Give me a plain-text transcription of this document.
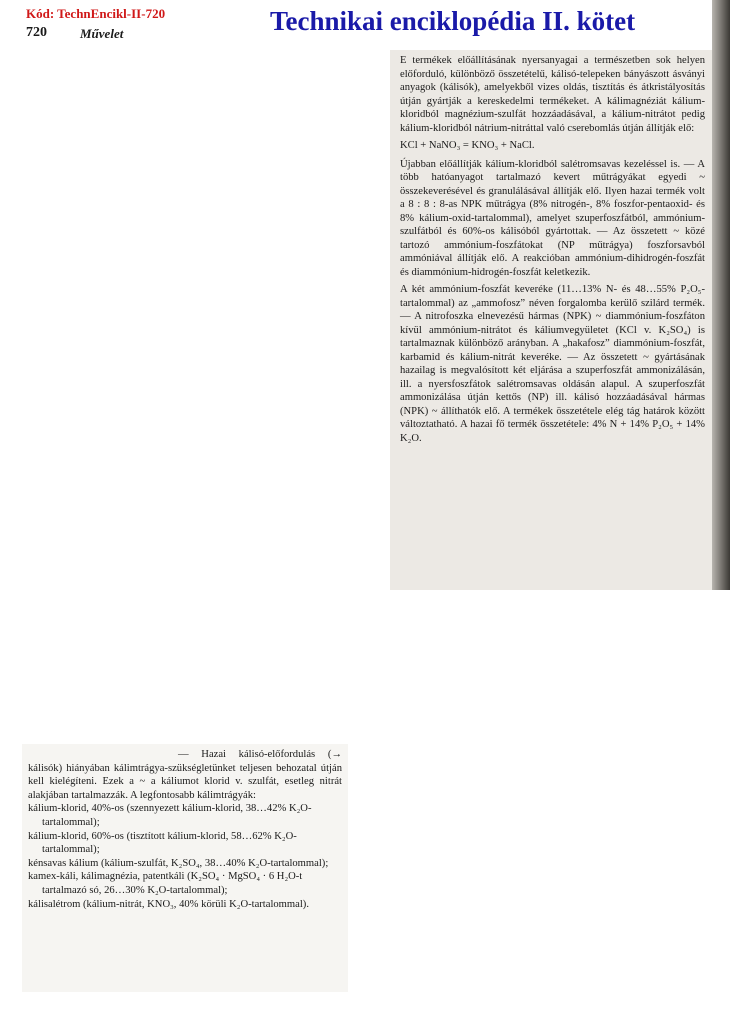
Kód: TechnEncikl-II-720
720	Művelet	Technikai enciklopédia II. kötet

E termékek előállításának nyersanyagai a természetben sok helyen előforduló, különböző összetételű, kálisó-telepeken bányászott ásványi anyagok (kálisók), amelyekből vizes oldás, tisztítás és átkristályosítás útján gyártják a kereskedelmi termékeket. A kálimagnéziát kálium-kloridból magnézium-szulfát hozzáadásával, a kálium-nitrátot pedig kálium-kloridból nátrium-nitráttal való cserebomlás útján állítják elő:

KCl + NaNO₃ = KNO₃ + NaCl.

Újabban előállítják kálium-kloridból salétromsavas kezeléssel is. — A több hatóanyagot tartalmazó kevert műtrágyákat egyedi ~ összekeverésével és granulálásával állítják elő. Ilyen hazai termék volt a 8 : 8 : 8-as NPK műtrágya (8% nitrogén-, 8% foszfor-pentaoxid- és 8% kálium-oxid-tartalommal), amelyet szuperfoszfátból, ammónium-szulfátból és 60%-os kálisóból gyártottak. — Az összetett ~ közé tartozó ammónium-foszfátokat (NP műtrágya) foszforsavból ammóniával állítják elő. A reakcióban ammónium-dihidrogén-foszfát és diammónium-hidrogén-foszfát keletkezik.

A két ammónium-foszfát keveréke (11…13% N- és 48…55% P₂O₅-tartalommal) az „ammofosz” néven forgalomba kerülő szilárd termék. — A nitrofoszka elnevezésű hármas (NPK) ~ diammónium-foszfáton kívül ammónium-nitrátot és káliumvegyületet (KCl v. K₂SO₄) is tartalmaznak különböző arányban. A „hakafosz” diammónium-foszfát, karbamid és kálium-nitrát keveréke. — Az összetett ~ gyártásának hazailag is megvalósított két eljárása a szuperfoszfát ammonizálásán, ill. a nyersfoszfátok salétromsavas oldásán alapul. A szuperfoszfát ammonizálása útján kettős (NP) ill. kálisó hozzáadásával hármas (NPK) ~ állíthatók elő. A termékek összetétele elég tág határok között változtatható. A hazai fő termék összetétele: 4% N + 14% P₂O₅ + 14% K₂O.

— Hazai kálisó-előfordulás (→ kálisók) hiányában kálimtrágya-szükségletünket teljesen behozatal útján kell kielégíteni. Ezek a ~ a káliumot klorid v. szulfát, esetleg nitrát alakjában tartalmazzák. A legfontosabb kálimtrágyák:

kálium-klorid, 40%-os (szennyezett kálium-klorid, 38…42% K₂O-tartalommal);
kálium-klorid, 60%-os (tisztított kálium-klorid, 58…62% K₂O-tartalommal);
kénsavas kálium (kálium-szulfát, K₂SO₄, 38…40% K₂O-tartalommal);
kamex-káli, kálimagnézia, patentkáli (K₂SO₄ · MgSO₄ · 6 H₂O-t tartalmazó só, 26…30% K₂O-tartalommal);
kálisalétrom (kálium-nitrát, KNO₃, 40% körüli K₂O-tartalommal).
